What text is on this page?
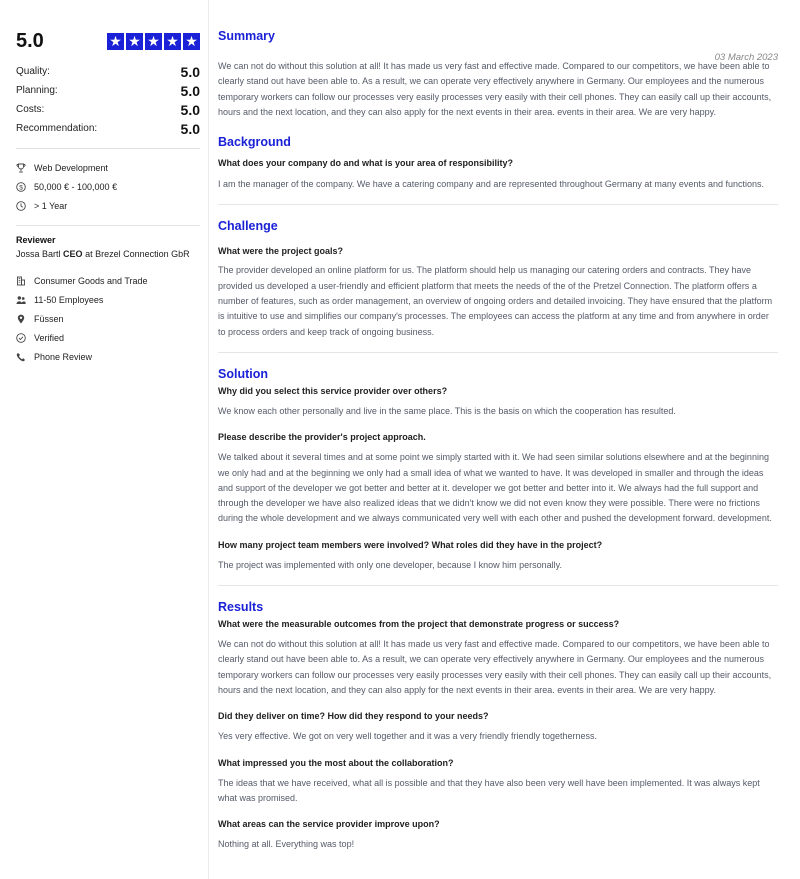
5.0	★ ★ ★ ★ ★
Quality:	5.0
Planning:	5.0
Costs:	5.0
Recommendation:	5.0
Web Development
$ 50,000 € - 100,000 €
> 1 Year
Reviewer
Jossa Bartl CEO at Brezel Connection GbR
Consumer Goods and Trade
11-50 Employees
Füssen
Verified
Phone Review
03 March 2023
Summary
We can not do without this solution at all! It has made us very fast and effective made. Compared to our competitors, we have been able to clearly stand out have been able to. As a result, we can operate very effectively anywhere in Germany. Our employees and the numerous temporary workers can follow our processes very easily processes very easily with their cell phones. They can easily call up their accounts, hours and the next location, and they can also apply for the next events in their area. events in their area. We are very happy.
Background
What does your company do and what is your area of responsibility?
I am the manager of the company. We have a catering company and are represented throughout Germany at many events and functions.
Challenge
What were the project goals?
The provider developed an online platform for us. The platform should help us managing our catering orders and contracts. They have provided us developed a user-friendly and efficient platform that meets the needs of the of the Pretzel Connection. The platform offers a number of features, such as order management, an overview of ongoing orders and detailed invoicing. They have ensured that the platform is intuitive to use and simplifies our company's processes. The employees can access the platform at any time and from anywhere in order to process orders and keep track of ongoing business.
Solution
Why did you select this service provider over others?
We know each other personally and live in the same place. This is the basis on which the cooperation has resulted.
Please describe the provider's project approach.
We talked about it several times and at some point we simply started with it. We had seen similar solutions elsewhere and at the beginning we only had and at the beginning we only had a small idea of what we wanted to have. It was developed in smaller and through the ideas and support of the developer we got better and better at it. developer we got better and better into it. We always had the full support and through the developer we have also realized ideas that we didn't know we did not even know they were possible. There were no frictions during the whole development and we always communicated very well with each other and pushed the development forward. development.
How many project team members were involved? What roles did they have in the project?
The project was implemented with only one developer, because I know him personally.
Results
What were the measurable outcomes from the project that demonstrate progress or success?
We can not do without this solution at all! It has made us very fast and effective made. Compared to our competitors, we have been able to clearly stand out have been able to. As a result, we can operate very effectively anywhere in Germany. Our employees and the numerous temporary workers can follow our processes very easily processes very easily with their cell phones. They can easily call up their accounts, hours and the next location, and they can also apply for the next events in their area. events in their area. We are very happy.
Did they deliver on time? How did they respond to your needs?
Yes very effective. We got on very well together and it was a very friendly friendly togetherness.
What impressed you the most about the collaboration?
The ideas that we have received, what all is possible and that they have also been very well have been implemented. It was always kept what was promised.
What areas can the service provider improve upon?
Nothing at all. Everything was top!
